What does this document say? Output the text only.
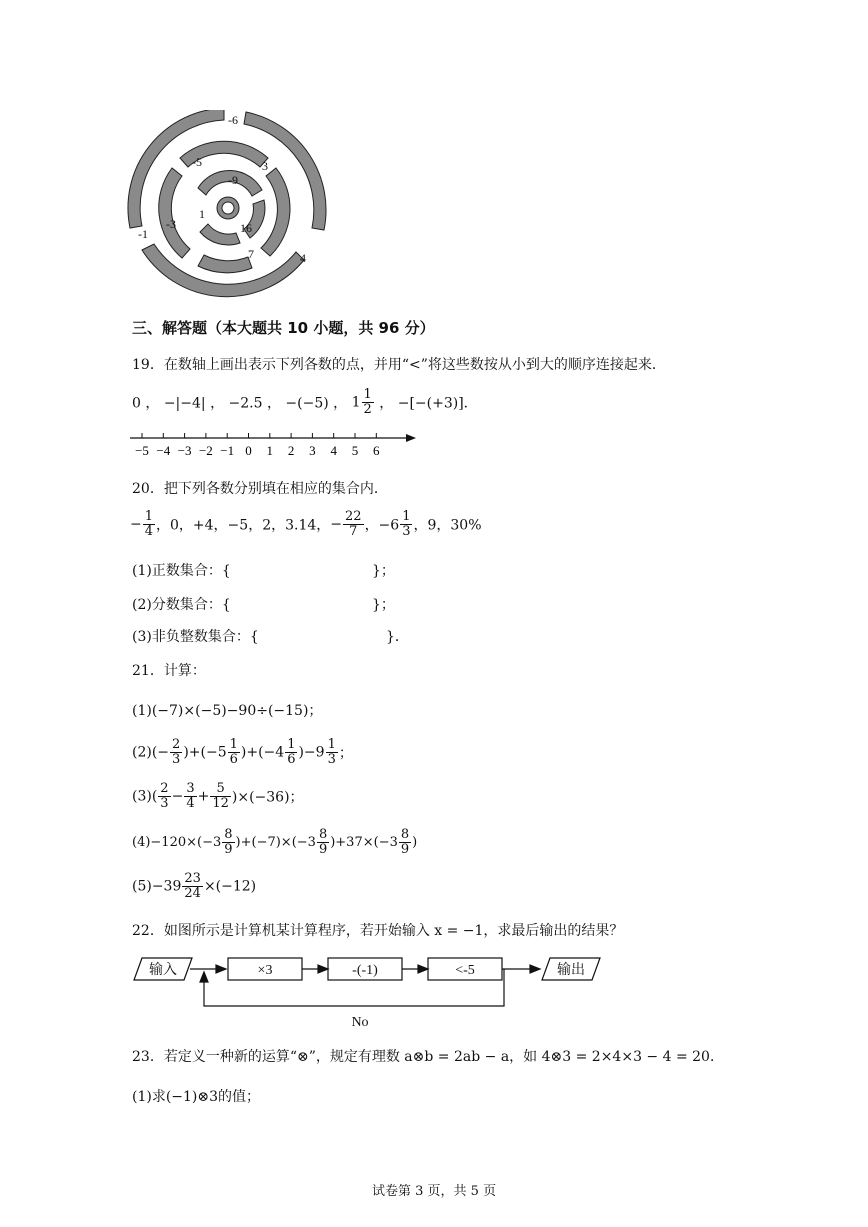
-6
-5	3
-9
1
-3
-1	16
7	4
三、解答题（本大题共 10 小题，共 96 分）
19．在数轴上画出表示下列各数的点，并用“<”将这些数按从小到大的顺序连接起来．
0 ， −|−4| ， −2.5 ， −(−5) ， $1 \frac{1}{2}$ ， −[−(+3)]．
−5 −4 −3 −2 −1 0 1 2 3 4 5 6
20．把下列各数分别填在相应的集合内．
− $\frac{1}{4}$ ，0，+4，−5，2，3.14，− $\frac{22}{7}$ ，$-6 \frac{1}{3}$ ，9，30%
(1)正数集合：{	}；
(2)分数集合：{	}；
(3)非负整数集合：{	}．
21．计算：
(1)(−7)×(−5)−90÷(−15)；
$(2)(- \frac{2}{3} )+(-5 \frac{1}{6} )+(-4 \frac{1}{6} )-9 \frac{1}{3}$ ；
$(3)( \frac{2}{3} - \frac{3}{4} + \frac{5}{12} )\times(-36)$；
$(4)-120\times(-3 \frac{8}{9} )+(-7)\times(-3 \frac{8}{9} )+37\times(-3 \frac{8}{9}$ )
$(5)-39 \frac{23}{24} \times(-12)$
22．如图所示是计算机某计算程序，若开始输入 x = −1，求最后输出的结果？
输入	×3	-(-1)	<-5	输出
No
23．若定义一种新的运算“⊗”，规定有理数 a⊗b = 2ab − a，如 4⊗3 = 2×4×3 − 4 = 20．
(1)求(−1)⊗3的值；
试卷第 3 页，共 5 页
